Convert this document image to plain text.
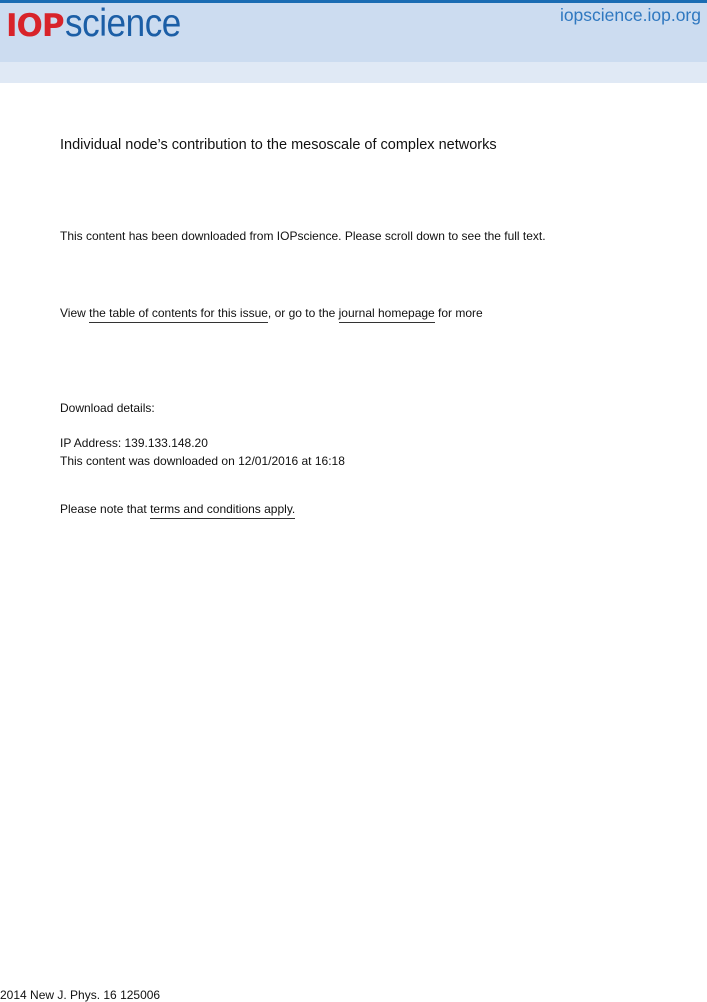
IOP science	iopscience.iop.org
Individual node’s contribution to the mesoscale of complex networks
This content has been downloaded from IOPscience. Please scroll down to see the full text.
View the table of contents for this issue, or go to the journal homepage for more
Download details:
IP Address: 139.133.148.20
This content was downloaded on 12/01/2016 at 16:18
Please note that terms and conditions apply.
2014 New J. Phys. 16 125006
